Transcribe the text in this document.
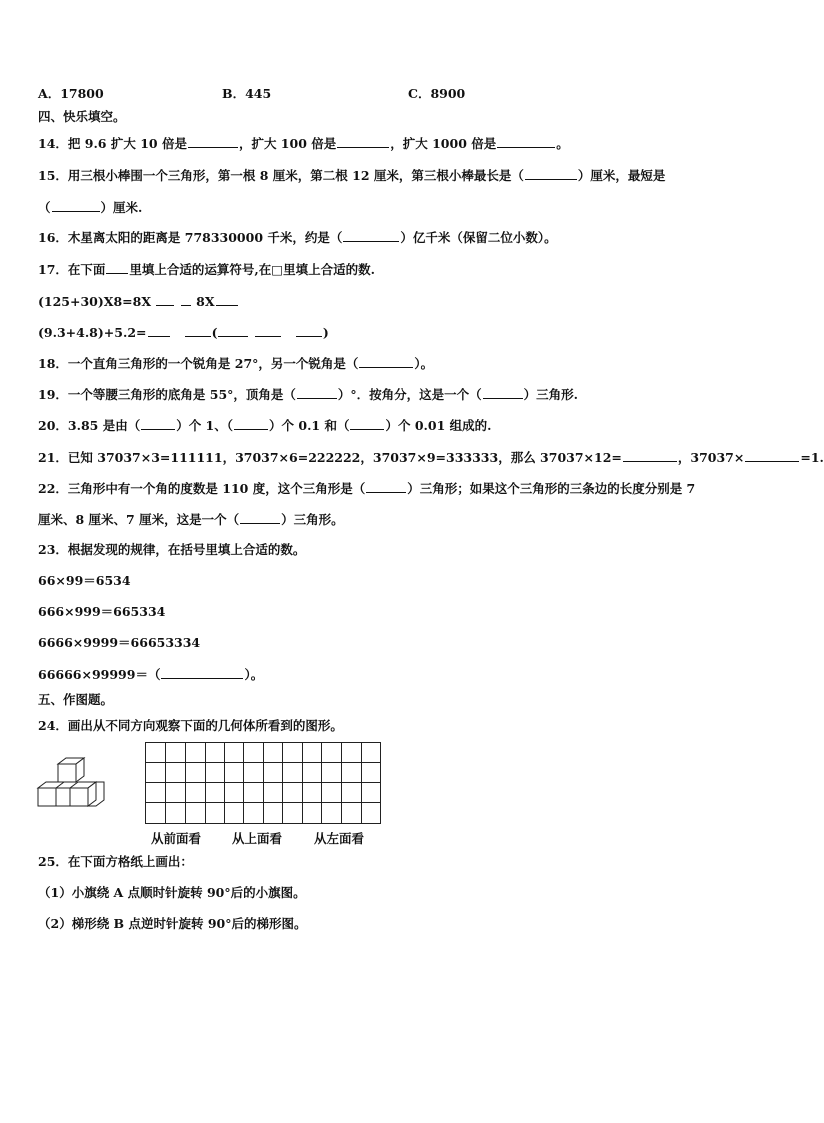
A．17800	B．445	C．8900
四、快乐填空。
14．把 9.6 扩大 10 倍是	，扩大 100 倍是	，扩大 1000 倍是	。
15．用三根小棒围一个三角形，第一根 8 厘米，第二根 12 厘米，第三根小棒最长是（	）厘米，最短是
（	）厘米.
16．木星离太阳的距离是 778330000 千米，约是（	）亿千米（保留二位小数）。
17．在下面 里填上合适的运算符号,在□里填上合适的数.
(125+30)X8=8X	8X
(9.3+4.8)+5.2=	(	)
18．一个直角三角形的一个锐角是 27°，另一个锐角是（	）。
19．一个等腰三角形的底角是 55°，顶角是（	）°．按角分，这是一个（	）三角形.
20．3.85 是由（	）个 1、（	）个 0.1 和（	）个 0.01 组成的.
21．已知 37037×3=111111，37037×6=222222，37037×9=333333，那么 37037×12=	，37037×	=1.
22．三角形中有一个角的度数是 110 度，这个三角形是（	）三角形；如果这个三角形的三条边的长度分别是 7
厘米、8 厘米、7 厘米，这是一个（	）三角形。
23．根据发现的规律，在括号里填上合适的数。
66×99＝6534
666×999＝665334
6666×9999＝66653334
66666×99999＝（	）。
五、作图题。
24．画出从不同方向观察下面的几何体所看到的图形。
从前面看 从上面看	从左面看
25．在下面方格纸上画出：
（1）小旗绕 A 点顺时针旋转 90°后的小旗图。
（2）梯形绕 B 点逆时针旋转 90°后的梯形图。
